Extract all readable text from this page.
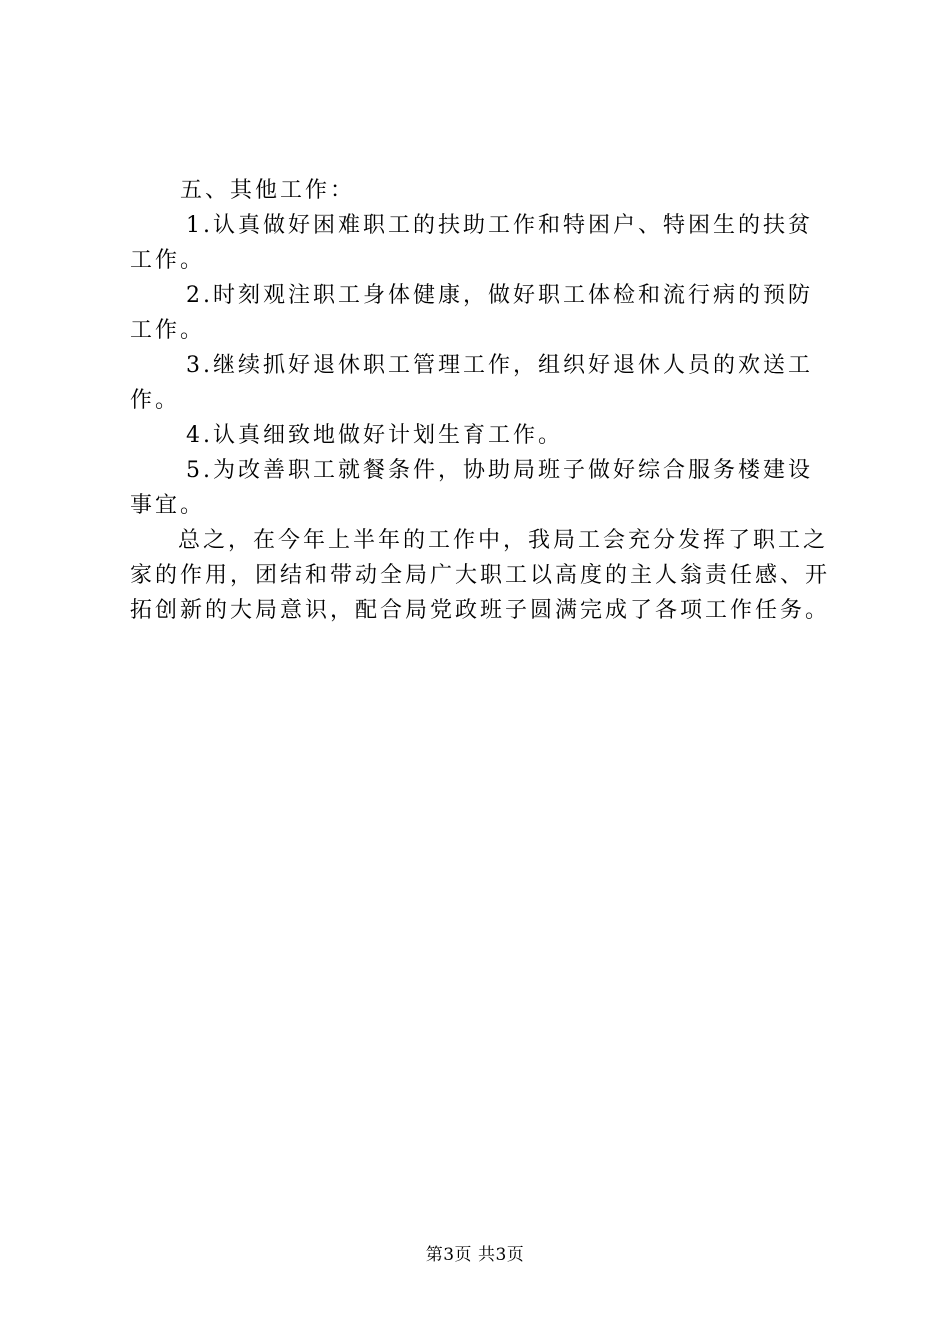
五、其他工作：

1.认真做好困难职工的扶助工作和特困户、特困生的扶贫工作。

2.时刻观注职工身体健康，做好职工体检和流行病的预防工作。

3.继续抓好退休职工管理工作，组织好退休人员的欢送工作。

4.认真细致地做好计划生育工作。

5.为改善职工就餐条件，协助局班子做好综合服务楼建设事宜。

总之，在今年上半年的工作中，我局工会充分发挥了职工之家的作用，团结和带动全局广大职工以高度的主人翁责任感、开拓创新的大局意识，配合局党政班子圆满完成了各项工作任务。

第3页 共3页
